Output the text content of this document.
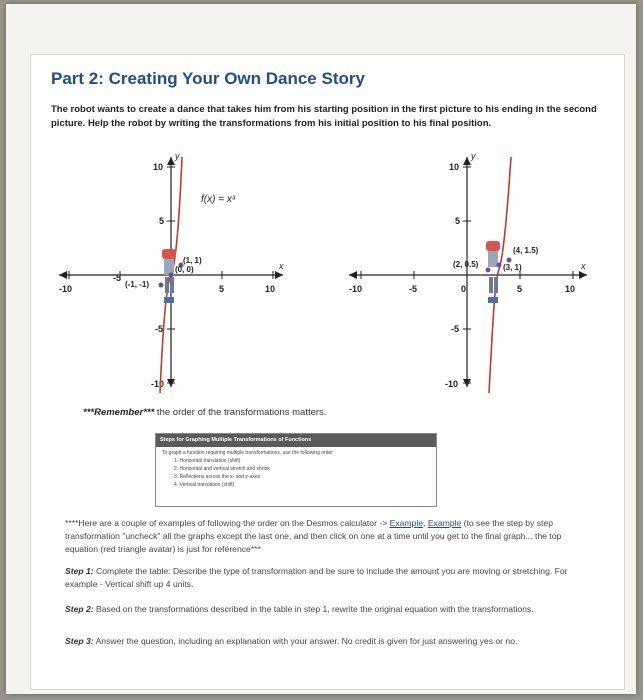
Part 2: Creating Your Own Dance Story

The robot wants to create a dance that takes him from his starting position in the first picture to his ending in the second picture. Help the robot by writing the transformations from his initial position to his final position.

x
y
-10
-5
5	10
10
5
-5
-10
f(x) = x³
(1, 1)
(0, 0)
(-1, -1)
x
y
-10	-5	0	5	10
10
5
-5
-10
(2, 0.5)
(4, 1.5)
(3, 1)

***Remember*** the order of the transformations matters.

Steps for Graphing Multiple Transformations of Functions
To graph a function requiring multiple transformations, use the following order
1. Horizontal translation (shift)
2. Horizontal and vertical stretch and shrink
3. Reflections across the x- and y-axes
4. Vertical translation (shift)

****Here are a couple of examples of following the order on the Desmos calculator -> Example, Example (to see the step by step transformation "uncheck" all the graphs except the last one, and then click on one at a time until you get to the final graph... the top equation (red triangle avatar) is just for reference***

Step 1: Complete the table: Describe the type of transformation and be sure to include the amount you are moving or stretching. For example - Vertical shift up 4 units.

Step 2: Based on the transformations described in the table in step 1, rewrite the original equation with the transformations.

Step 3: Answer the question, including an explanation with your answer. No credit is given for just answering yes or no.
